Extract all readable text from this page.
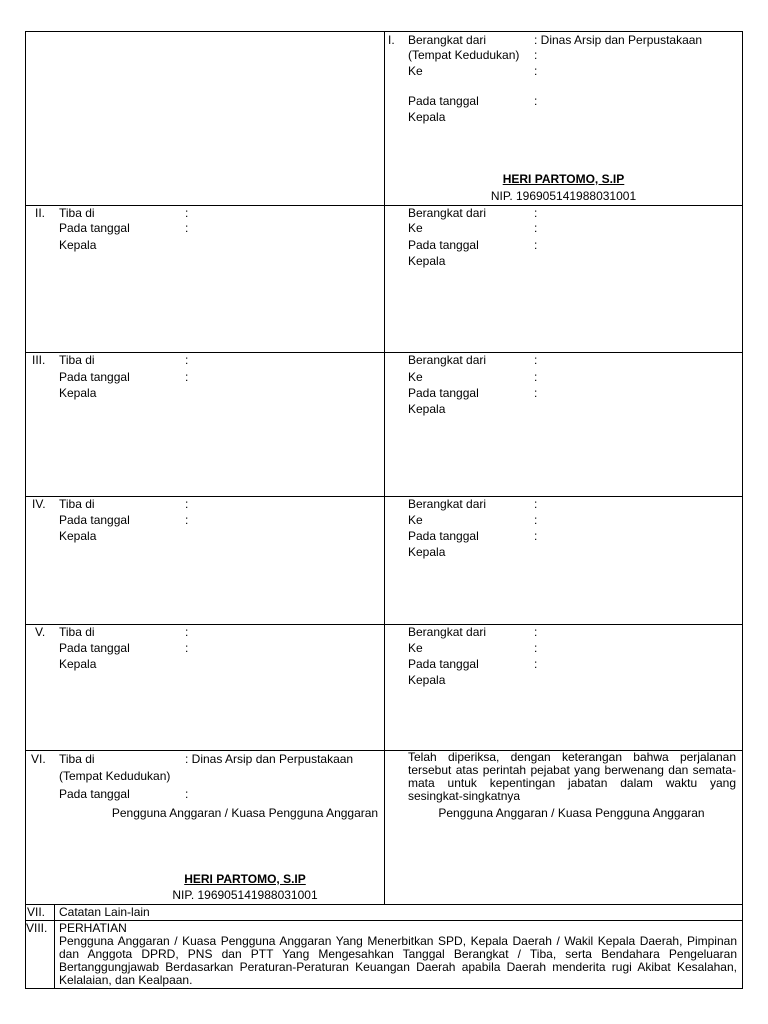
I. Berangkat dari	: Dinas Arsip dan Perpustakaan
(Tempat Kedudukan) :
Ke	:
Pada tanggal	:
Kepala
HERI PARTOMO, S.IP
NIP. 196905141988031001
II. Tiba di	:
Pada tanggal	:
Kepala
Berangkat dari	:
Ke	:
Pada tanggal	:
Kepala
III. Tiba di	:
Pada tanggal	:
Kepala
Berangkat dari	:
Ke	:
Pada tanggal	:
Kepala
IV. Tiba di	:
Pada tanggal	:
Kepala
Berangkat dari	:
Ke	:
Pada tanggal	:
Kepala
V. Tiba di	:
Pada tanggal	:
Kepala
Berangkat dari	:
Ke	:
Pada tanggal	:
Kepala
VI. Tiba di	: Dinas Arsip dan Perpustakaan
(Tempat Kedudukan)
Pada tanggal	:
Pengguna Anggaran / Kuasa Pengguna Anggaran
HERI PARTOMO, S.IP
NIP. 196905141988031001
Telah diperiksa, dengan keterangan bahwa perjalanan tersebut atas perintah pejabat yang berwenang dan semata-mata untuk kepentingan jabatan dalam waktu yang sesingkat-singkatnya
Pengguna Anggaran / Kuasa Pengguna Anggaran
VII. Catatan Lain-lain
VIII. PERHATIAN
Pengguna Anggaran / Kuasa Pengguna Anggaran Yang Menerbitkan SPD, Kepala Daerah / Wakil Kepala Daerah, Pimpinan dan Anggota DPRD, PNS dan PTT Yang Mengesahkan Tanggal Berangkat / Tiba, serta Bendahara Pengeluaran Bertanggungjawab Berdasarkan Peraturan-Peraturan Keuangan Daerah apabila Daerah menderita rugi Akibat Kesalahan, Kelalaian, dan Kealpaan.
